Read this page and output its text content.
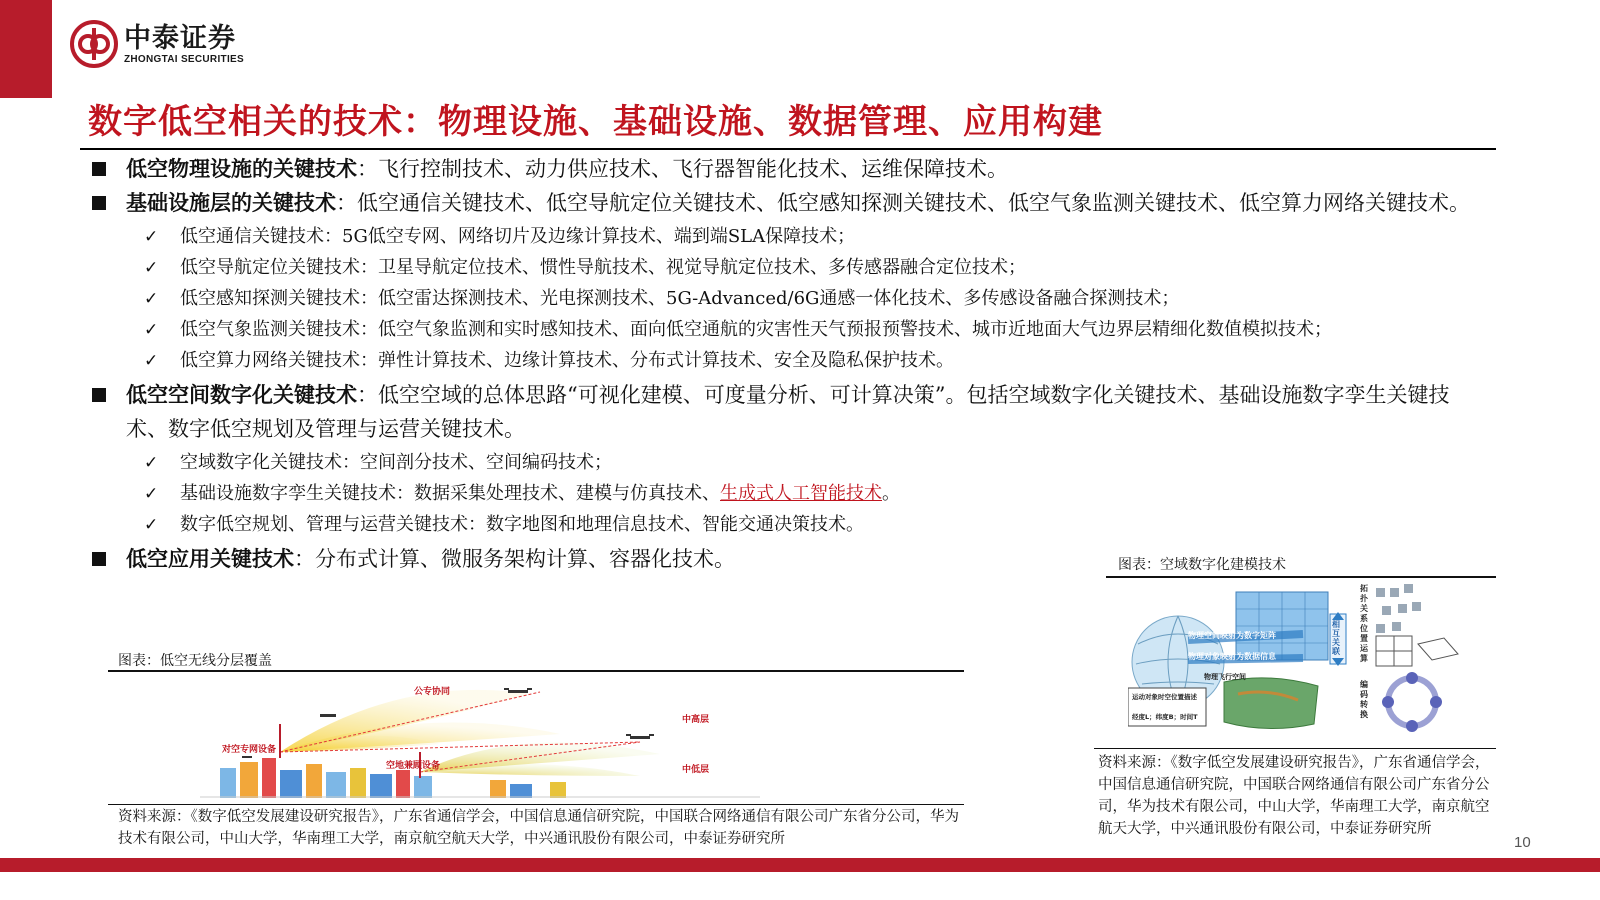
中泰证券
ZHONGTAI SECURITIES
数字低空相关的技术：物理设施、基础设施、数据管理、应用构建
低空物理设施的关键技术：飞行控制技术、动力供应技术、飞行器智能化技术、运维保障技术。
基础设施层的关键技术：低空通信关键技术、低空导航定位关键技术、低空感知探测关键技术、低空气象监测关键技术、低空算力网络关键技术。
✓ 低空通信关键技术：5G低空专网、网络切片及边缘计算技术、端到端SLA保障技术；
✓ 低空导航定位关键技术：卫星导航定位技术、惯性导航技术、视觉导航定位技术、多传感器融合定位技术；
✓ 低空感知探测关键技术：低空雷达探测技术、光电探测技术、5G-Advanced/6G通感一体化技术、多传感设备融合探测技术；
✓ 低空气象监测关键技术：低空气象监测和实时感知技术、面向低空通航的灾害性天气预报预警技术、城市近地面大气边界层精细化数值模拟技术；
✓ 低空算力网络关键技术：弹性计算技术、边缘计算技术、分布式计算技术、安全及隐私保护技术。
低空空间数字化关键技术：低空空域的总体思路“可视化建模、可度量分析、可计算决策”。包括空域数字化关键技术、基础设施数字孪生关键技术、数字低空规划及管理与运营关键技术。
✓ 空域数字化关键技术：空间剖分技术、空间编码技术；
✓ 基础设施数字孪生关键技术：数据采集处理技术、建模与仿真技术、生成式人工智能技术。
✓ 数字低空规划、管理与运营关键技术：数字地图和地理信息技术、智能交通决策技术。
低空应用关键技术：分布式计算、微服务架构计算、容器化技术。
图表：低空无线分层覆盖
公专协同
中高层
中低层
对空专网设备
空地兼顾设备
资料来源：《数字低空发展建设研究报告》，广东省通信学会，中国信息通信研究院，中国联合网络通信有限公司广东省分公司，华为技术有限公司，中山大学，华南理工大学，南京航空航天大学，中兴通讯股份有限公司，中泰证券研究所
图表：空域数字化建模技术
物理空间映射为数字矩阵
物理对象映射为数据信息
物理飞行空间
相互关联
拓扑关系位置运算
编码转换
运动对象时空位置描述
经度L；纬度B；时间T
资料来源：《数字低空发展建设研究报告》，广东省通信学会，中国信息通信研究院，中国联合网络通信有限公司广东省分公司，华为技术有限公司，中山大学，华南理工大学，南京航空航天大学，中兴通讯股份有限公司，中泰证券研究所
10
